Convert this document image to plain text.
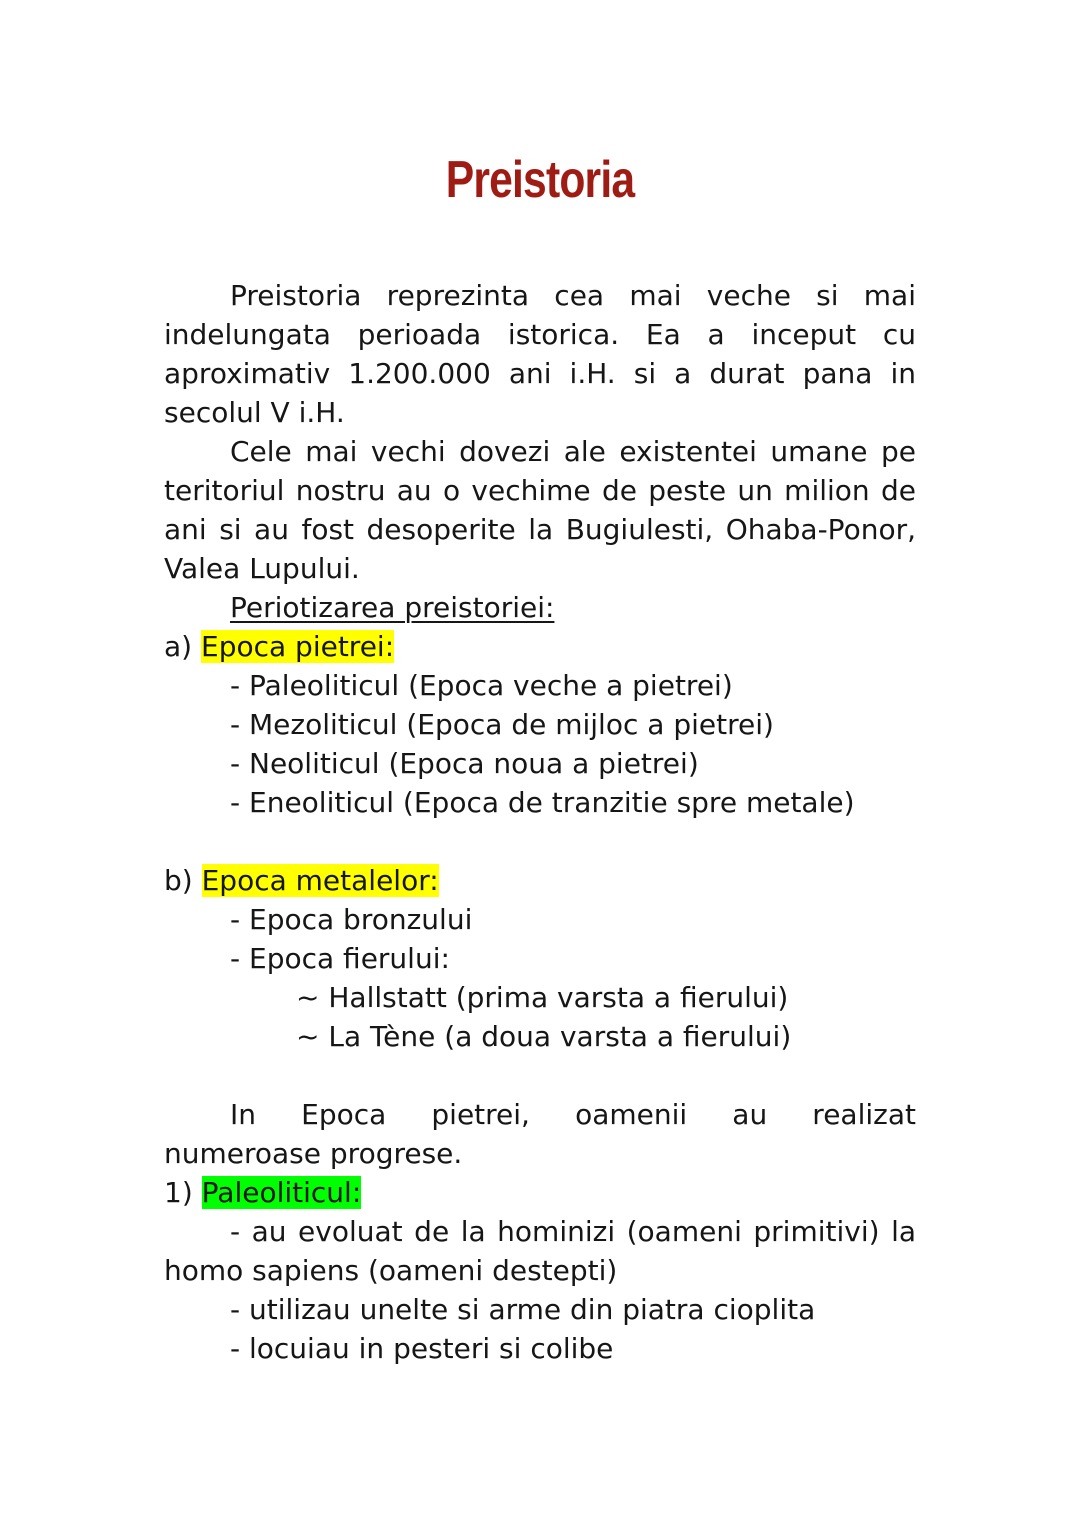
Preistoria

Preistoria reprezinta cea mai veche si mai indelungata perioada istorica. Ea a inceput cu aproximativ 1.200.000 ani i.H. si a durat pana in secolul V i.H.

Cele mai vechi dovezi ale existentei umane pe teritoriul nostru au o vechime de peste un milion de ani si au fost desoperite la Bugiulesti, Ohaba-Ponor, Valea Lupului.

Periotizarea preistoriei:

a) Epoca pietrei:

- Paleoliticul (Epoca veche a pietrei)

- Mezoliticul (Epoca de mijloc a pietrei)

- Neoliticul (Epoca noua a pietrei)

- Eneoliticul (Epoca de tranzitie spre metale)

b) Epoca metalelor:

- Epoca bronzului

- Epoca fierului:

~ Hallstatt (prima varsta a fierului)

~ La Tène (a doua varsta a fierului)

In Epoca pietrei, oamenii au realizat

numeroase progrese.

1) Paleoliticul:

- au evoluat de la hominizi (oameni primitivi) la homo sapiens (oameni destepti)

- utilizau unelte si arme din piatra cioplita

- locuiau in pesteri si colibe
